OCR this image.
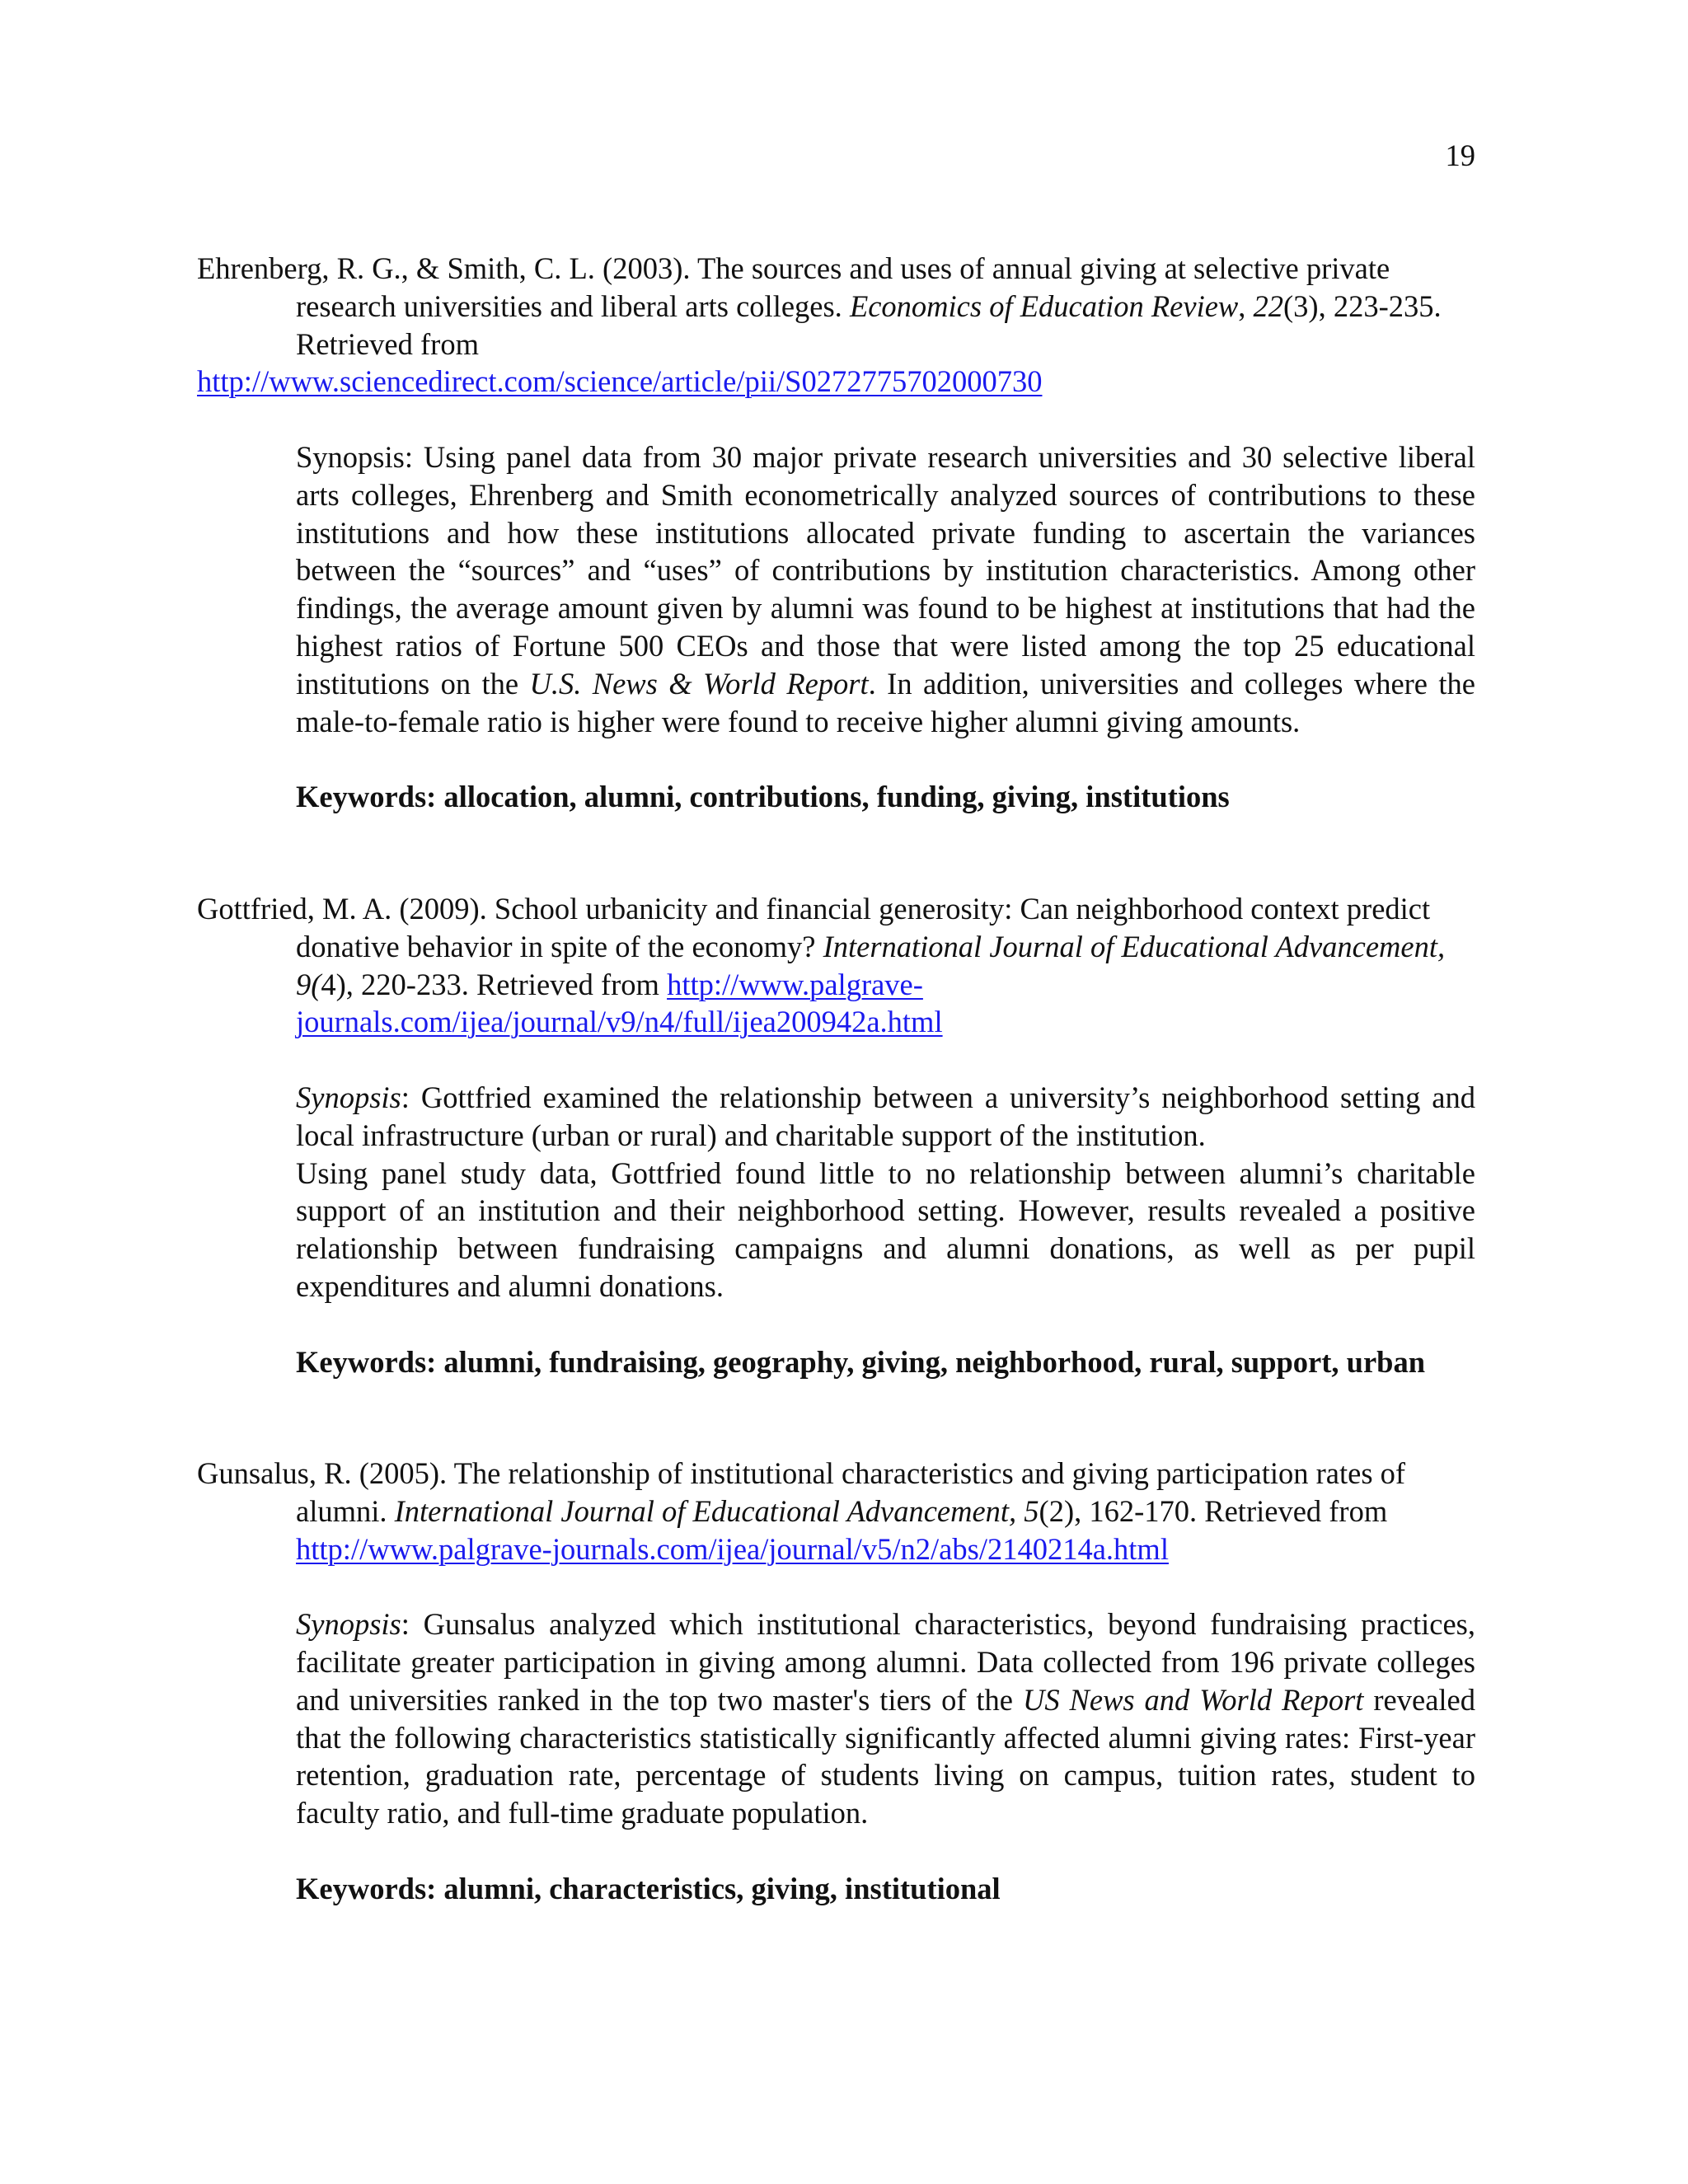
19

Ehrenberg, R. G., & Smith, C. L. (2003). The sources and uses of annual giving at selective private research universities and liberal arts colleges. Economics of Education Review, 22(3), 223-235. Retrieved from
http://www.sciencedirect.com/science/article/pii/S0272775702000730

Synopsis: Using panel data from 30 major private research universities and 30 selective liberal arts colleges, Ehrenberg and Smith econometrically analyzed sources of contributions to these institutions and how these institutions allocated private funding to ascertain the variances between the “sources” and “uses” of contributions by institution characteristics. Among other findings, the average amount given by alumni was found to be highest at institutions that had the highest ratios of Fortune 500 CEOs and those that were listed among the top 25 educational institutions on the U.S. News & World Report. In addition, universities and colleges where the male-to-female ratio is higher were found to receive higher alumni giving amounts.

Keywords: allocation, alumni, contributions, funding, giving, institutions

Gottfried, M. A. (2009). School urbanicity and financial generosity: Can neighborhood context predict donative behavior in spite of the economy? International Journal of Educational Advancement, 9(4), 220-233. Retrieved from http://www.palgrave-journals.com/ijea/journal/v9/n4/full/ijea200942a.html

Synopsis: Gottfried examined the relationship between a university’s neighborhood setting and local infrastructure (urban or rural) and charitable support of the institution.
Using panel study data, Gottfried found little to no relationship between alumni’s charitable support of an institution and their neighborhood setting. However, results revealed a positive relationship between fundraising campaigns and alumni donations, as well as per pupil expenditures and alumni donations.

Keywords: alumni, fundraising, geography, giving, neighborhood, rural, support, urban

Gunsalus, R. (2005). The relationship of institutional characteristics and giving participation rates of alumni. International Journal of Educational Advancement, 5(2), 162-170. Retrieved from http://www.palgrave-journals.com/ijea/journal/v5/n2/abs/2140214a.html

Synopsis: Gunsalus analyzed which institutional characteristics, beyond fundraising practices, facilitate greater participation in giving among alumni. Data collected from 196 private colleges and universities ranked in the top two master's tiers of the US News and World Report revealed that the following characteristics statistically significantly affected alumni giving rates: First-year retention, graduation rate, percentage of students living on campus, tuition rates, student to faculty ratio, and full-time graduate population.

Keywords: alumni, characteristics, giving, institutional
